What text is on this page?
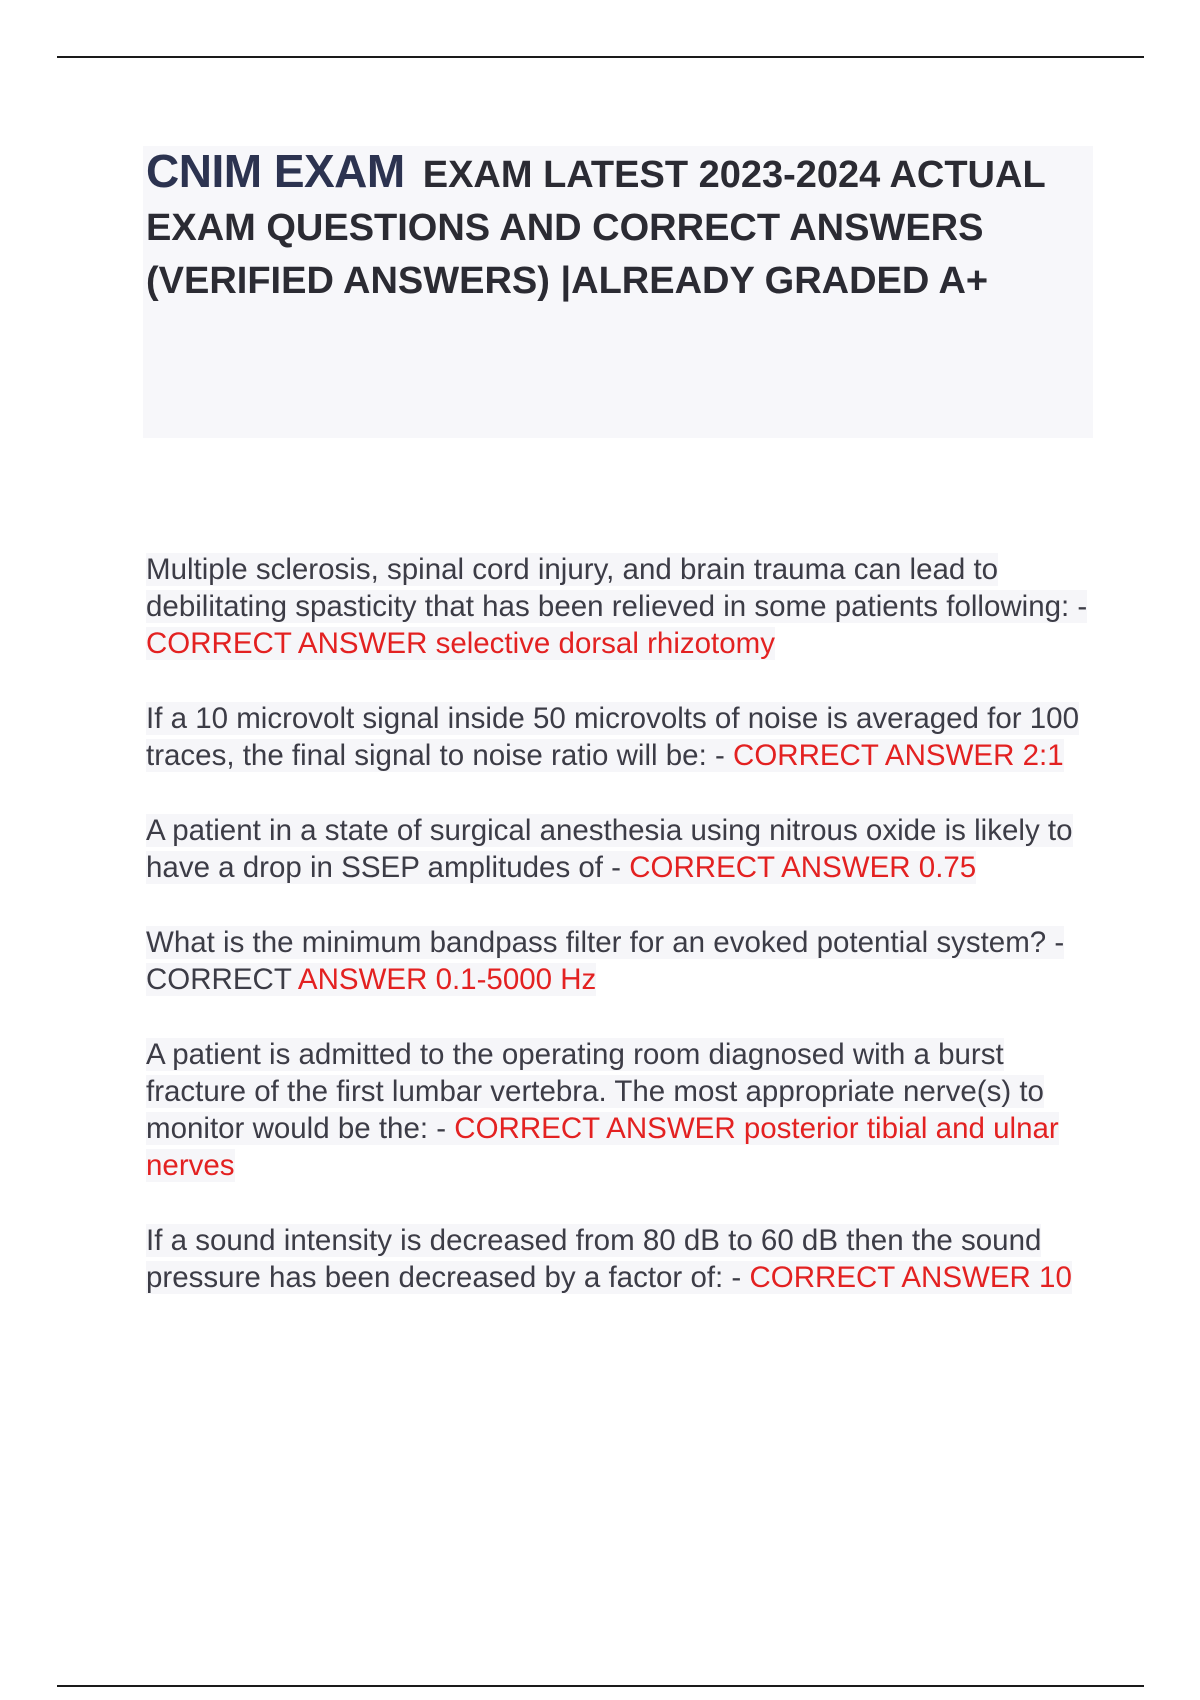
CNIM EXAM EXAM LATEST 2023-2024 ACTUAL EXAM QUESTIONS AND CORRECT ANSWERS (VERIFIED ANSWERS) |ALREADY GRADED A+

Multiple sclerosis, spinal cord injury, and brain trauma can lead to debilitating spasticity that has been relieved in some patients following: - CORRECT ANSWER selective dorsal rhizotomy

If a 10 microvolt signal inside 50 microvolts of noise is averaged for 100 traces, the final signal to noise ratio will be: - CORRECT ANSWER 2:1

A patient in a state of surgical anesthesia using nitrous oxide is likely to have a drop in SSEP amplitudes of - CORRECT ANSWER 0.75

What is the minimum bandpass filter for an evoked potential system? - CORRECT ANSWER 0.1-5000 Hz

A patient is admitted to the operating room diagnosed with a burst fracture of the first lumbar vertebra. The most appropriate nerve(s) to monitor would be the: - CORRECT ANSWER posterior tibial and ulnar nerves

If a sound intensity is decreased from 80 dB to 60 dB then the sound pressure has been decreased by a factor of: - CORRECT ANSWER 10
